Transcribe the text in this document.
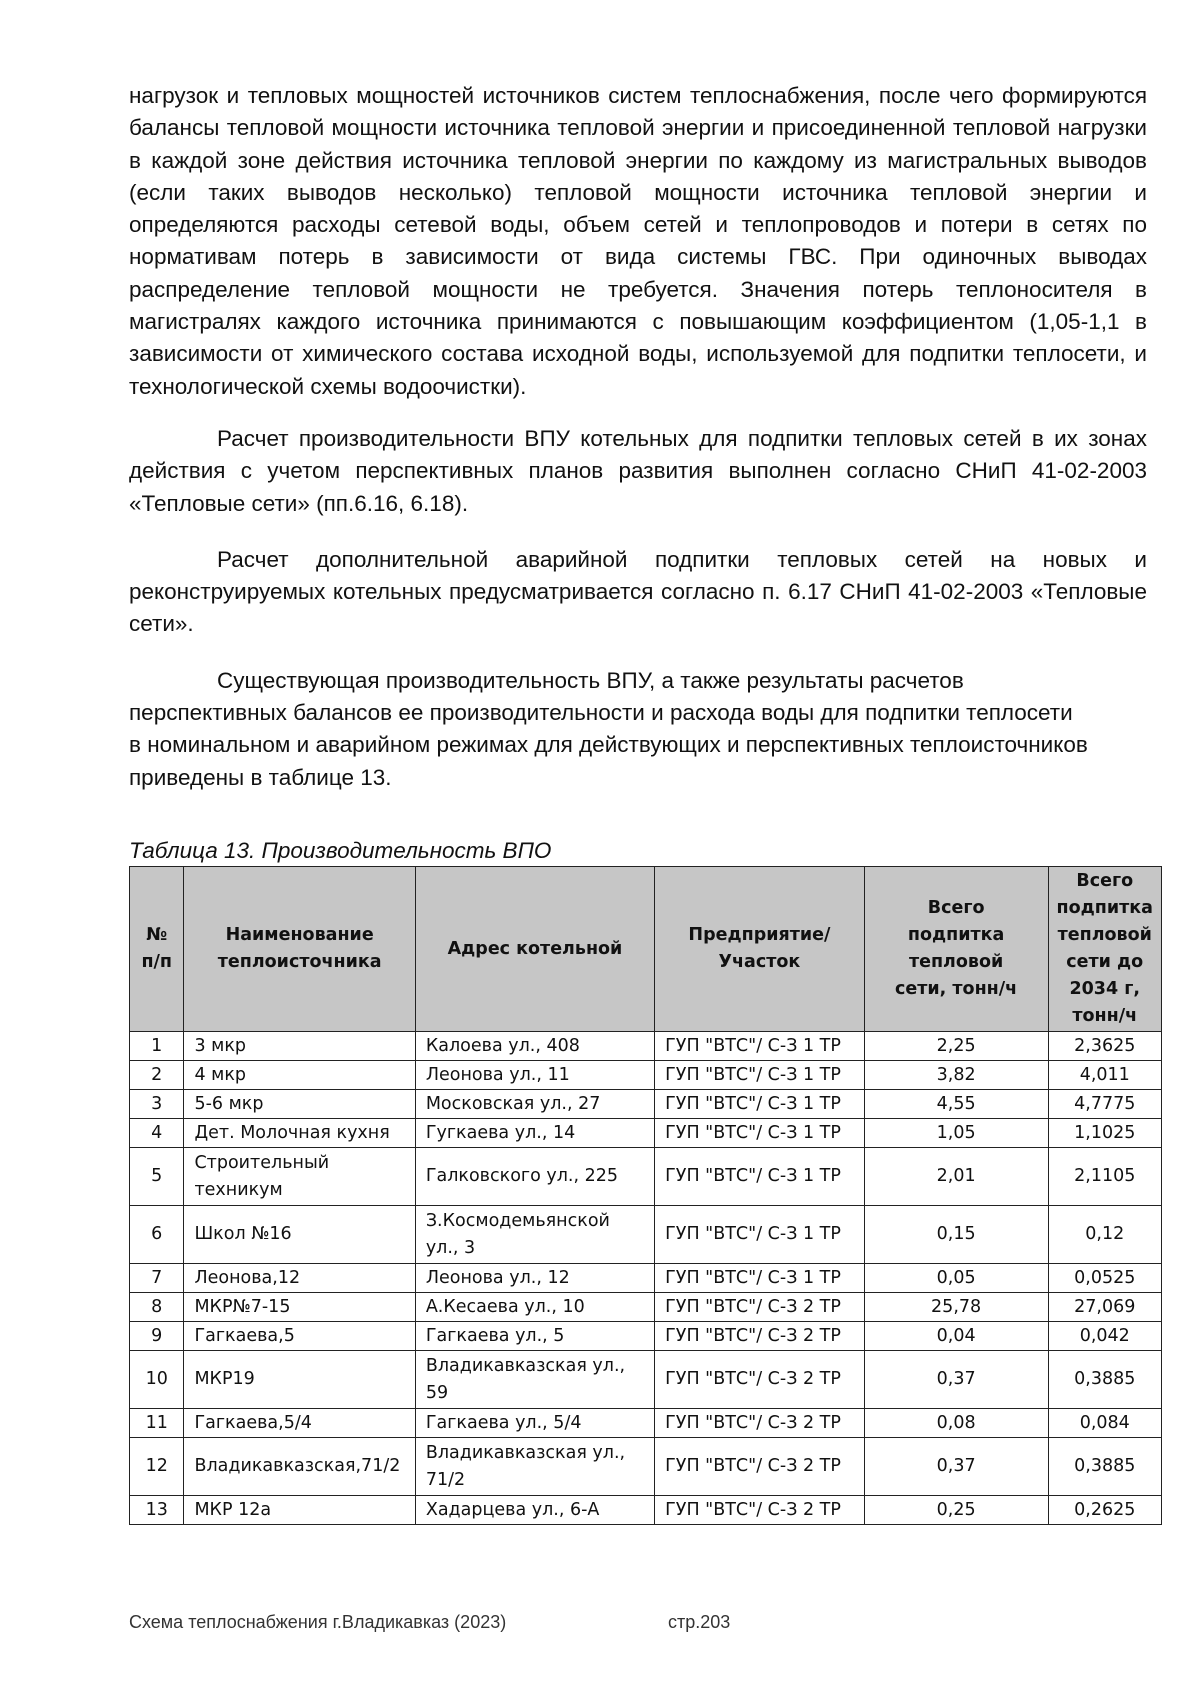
нагрузок и тепловых мощностей источников систем теплоснабжения, после чего формируются балансы тепловой мощности источника тепловой энергии и присоединенной тепловой нагрузки в каждой зоне действия источника тепловой энергии по каждому из магистральных выводов (если таких выводов несколько) тепловой мощности источника тепловой энергии и определяются расходы сетевой воды, объем сетей и теплопроводов и потери в сетях по нормативам потерь в зависимости от вида системы ГВС. При одиночных выводах распределение тепловой мощности не требуется. Значения потерь теплоносителя в магистралях каждого источника принимаются с повышающим коэффициентом (1,05-1,1 в зависимости от химического состава исходной воды, используемой для подпитки теплосети, и технологической схемы водоочистки).

Расчет производительности ВПУ котельных для подпитки тепловых сетей в их зонах действия с учетом перспективных планов развития выполнен согласно СНиП 41-02-2003 «Тепловые сети» (пп.6.16, 6.18).

Расчет дополнительной аварийной подпитки тепловых сетей на новых и реконструируемых котельных предусматривается согласно п. 6.17 СНиП 41-02-2003 «Тепловые сети».

Существующая производительность ВПУ, а также результаты расчетов перспективных балансов ее производительности и расхода воды для подпитки теплосети в номинальном и аварийном режимах для действующих и перспективных теплоисточников приведены в таблице 13.

Таблица 13. Производительность ВПО

№ п/п	Наименование теплоисточника	Адрес котельной	Предприятие/ Участок	Всего подпитка тепловой сети, тонн/ч	Всего подпитка тепловой сети до 2034 г, тонн/ч
1	3 мкр	Калоева ул., 408	ГУП "ВТС"/ С-З 1 ТР	2,25	2,3625
2	4 мкр	Леонова ул., 11	ГУП "ВТС"/ С-З 1 ТР	3,82	4,011
3	5-6 мкр	Московская ул., 27	ГУП "ВТС"/ С-З 1 ТР	4,55	4,7775
4	Дет. Молочная кухня	Гугкаева ул., 14	ГУП "ВТС"/ С-З 1 ТР	1,05	1,1025
5	Строительный техникум	Галковского ул., 225	ГУП "ВТС"/ С-З 1 ТР	2,01	2,1105
6	Школ №16	З.Космодемьянской ул., 3	ГУП "ВТС"/ С-З 1 ТР	0,15	0,12
7	Леонова,12	Леонова ул., 12	ГУП "ВТС"/ С-З 1 ТР	0,05	0,0525
8	МКР№7-15	А.Кесаева ул., 10	ГУП "ВТС"/ С-З 2 ТР	25,78	27,069
9	Гагкаева,5	Гагкаева ул., 5	ГУП "ВТС"/ С-З 2 ТР	0,04	0,042
10	МКР19	Владикавказская ул., 59	ГУП "ВТС"/ С-З 2 ТР	0,37	0,3885
11	Гагкаева,5/4	Гагкаева ул., 5/4	ГУП "ВТС"/ С-З 2 ТР	0,08	0,084
12	Владикавказская,71/2	Владикавказская ул., 71/2	ГУП "ВТС"/ С-З 2 ТР	0,37	0,3885
13	МКР 12а	Хадарцева ул., 6-А	ГУП "ВТС"/ С-З 2 ТР	0,25	0,2625
Схема теплоснабжения г.Владикавказ (2023)	стр.203
